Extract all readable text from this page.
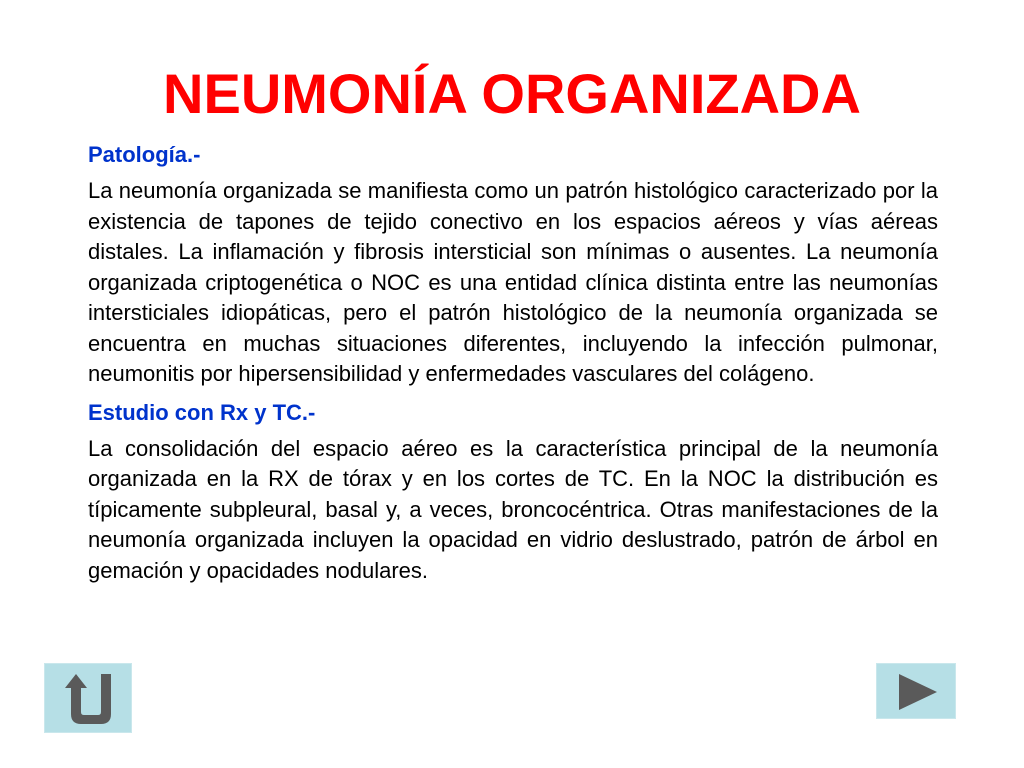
NEUMONÍA ORGANIZADA

Patología.-

La neumonía organizada se manifiesta como un patrón histológico caracterizado por la existencia de tapones de tejido conectivo en los espacios aéreos y vías aéreas distales. La inflamación y fibrosis intersticial son mínimas o ausentes. La neumonía organizada criptogenética o NOC es una entidad clínica distinta entre las neumonías intersticiales idiopáticas, pero el patrón histológico de la neumonía organizada se encuentra en muchas situaciones diferentes, incluyendo la infección pulmonar, neumonitis por hipersensibilidad y enfermedades vasculares del colágeno.

Estudio con Rx y TC.-

La consolidación del espacio aéreo es la característica principal de la neumonía organizada en la RX de tórax y en los cortes de TC. En la NOC la distribución es típicamente subpleural, basal y, a veces, broncocéntrica. Otras manifestaciones de la neumonía organizada incluyen la opacidad en vidrio deslustrado, patrón de árbol en gemación y opacidades nodulares.
